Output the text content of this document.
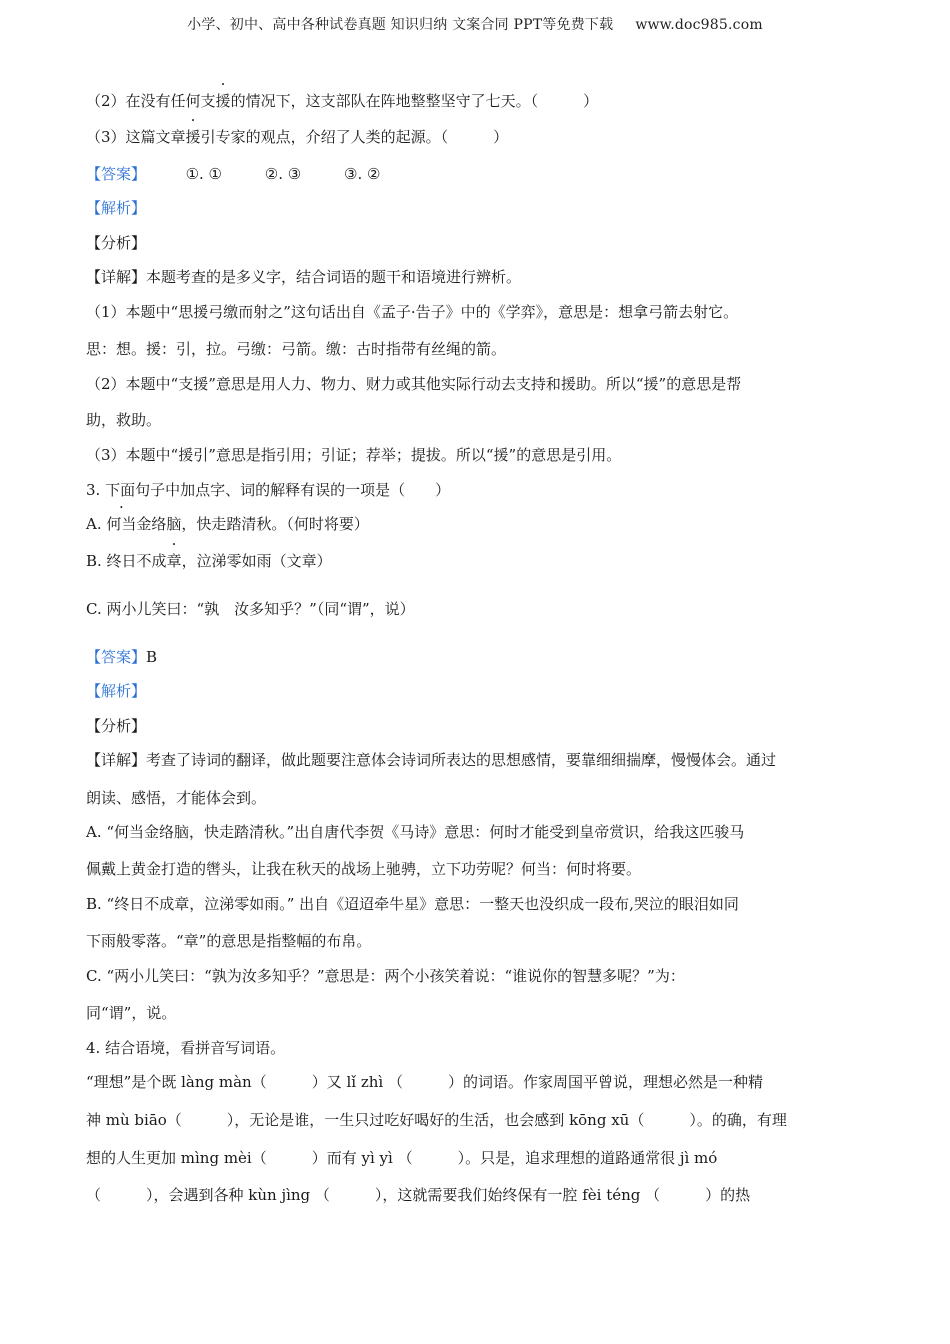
小学、初中、高中各种试卷真题 知识归纳 文案合同 PPT等免费下载 www.doc985.com
（2）在没有任何支援的情况下，这支部队在阵地整整坚守了七天。（　　　）
（3）这篇文章援引专家的观点，介绍了人类的起源。（　　　）
【答案】	①. ①	②. ③	③. ②
【解析】
【分析】
【详解】本题考查的是多义字，结合词语的题干和语境进行辨析。
（1）本题中“思援弓缴而射之”这句话出自《孟子·告子》中的《学弈》，意思是：想拿弓箭去射它。
思：想。援：引，拉。弓缴：弓箭。缴：古时指带有丝绳的箭。
（2）本题中“支援”意思是用人力、物力、财力或其他实际行动去支持和援助。所以“援”的意思是帮
助，救助。
（3）本题中“援引”意思是指引用；引证；荐举；提拔。所以“援”的意思是引用。
3. 下面句子中加点字、词的解释有误的一项是（　　）
A. 何当金络脑，快走踏清秋。（何时将要）
B. 终日不成章，泣涕零如雨（文章）
C. 两小儿笑曰：“孰　汝多知乎？”（同“谓”，说）
【答案】B
【解析】
【分析】
【详解】考查了诗词的翻译，做此题要注意体会诗词所表达的思想感情，要靠细细揣摩，慢慢体会。通过
朗读、感悟，才能体会到。
A. “何当金络脑，快走踏清秋。”出自唐代李贺《马诗》意思：何时才能受到皇帝赏识，给我这匹骏马
佩戴上黄金打造的辔头，让我在秋天的战场上驰骋，立下功劳呢？何当：何时将要。
B. “终日不成章，泣涕零如雨。” 出自《迢迢牵牛星》意思：一整天也没织成一段布,哭泣的眼泪如同
下雨般零落。“章”的意思是指整幅的布帛。
C. “两小儿笑曰：“孰为汝多知乎？”意思是：两个小孩笑着说：“谁说你的智慧多呢？”为：
同“谓”，说。
4. 结合语境，看拼音写词语。
“理想”是个既 làng màn（　　　）又 lǐ zhì （　　　）的词语。作家周国平曾说，理想必然是一种精
神 mù biāo（　　　），无论是谁，一生只过吃好喝好的生活，也会感到 kōng xū（　　　）。的确，有理
想的人生更加 mìng mèi（　　　）而有 yì yì （　　　）。只是，追求理想的道路通常很 jì mó
（　　　），会遇到各种 kùn jìng （　　　），这就需要我们始终保有一腔 fèi téng （　　　）的热
